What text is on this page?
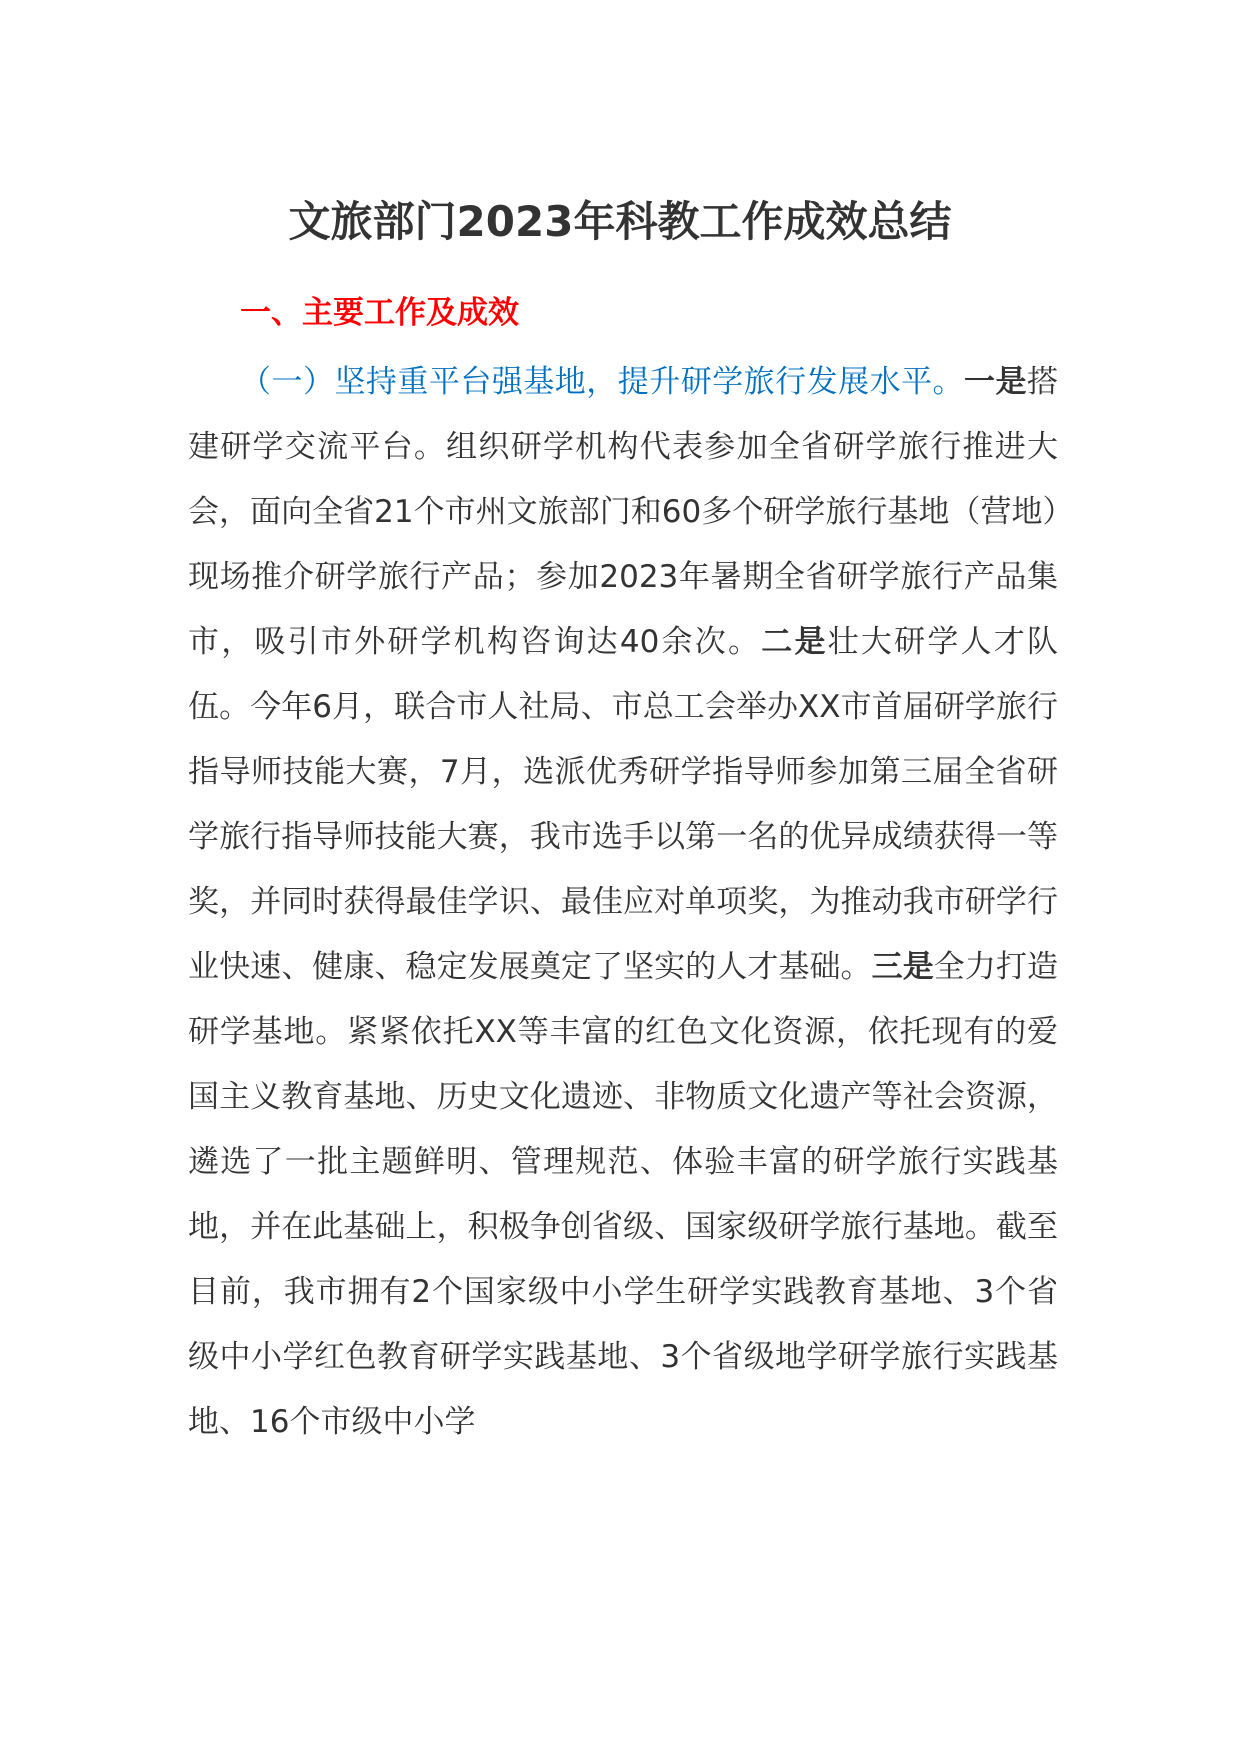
文旅部门2023年科教工作成效总结
一、主要工作及成效

（一）坚持重平台强基地，提升研学旅行发展水平。一是搭建研学交流平台。组织研学机构代表参加全省研学旅行推进大会，面向全省21个市州文旅部门和60多个研学旅行基地（营地）现场推介研学旅行产品；参加2023年暑期全省研学旅行产品集市，吸引市外研学机构咨询达40余次。二是壮大研学人才队伍。今年6月，联合市人社局、市总工会举办XX市首届研学旅行指导师技能大赛，7月，选派优秀研学指导师参加第三届全省研学旅行指导师技能大赛，我市选手以第一名的优异成绩获得一等奖，并同时获得最佳学识、最佳应对单项奖，为推动我市研学行业快速、健康、稳定发展奠定了坚实的人才基础。三是全力打造研学基地。紧紧依托XX等丰富的红色文化资源，依托现有的爱国主义教育基地、历史文化遗迹、非物质文化遗产等社会资源，遴选了一批主题鲜明、管理规范、体验丰富的研学旅行实践基地，并在此基础上，积极争创省级、国家级研学旅行基地。截至目前，我市拥有2个国家级中小学生研学实践教育基地、3个省级中小学红色教育研学实践基地、3个省级地学研学旅行实践基地、16个市级中小学
